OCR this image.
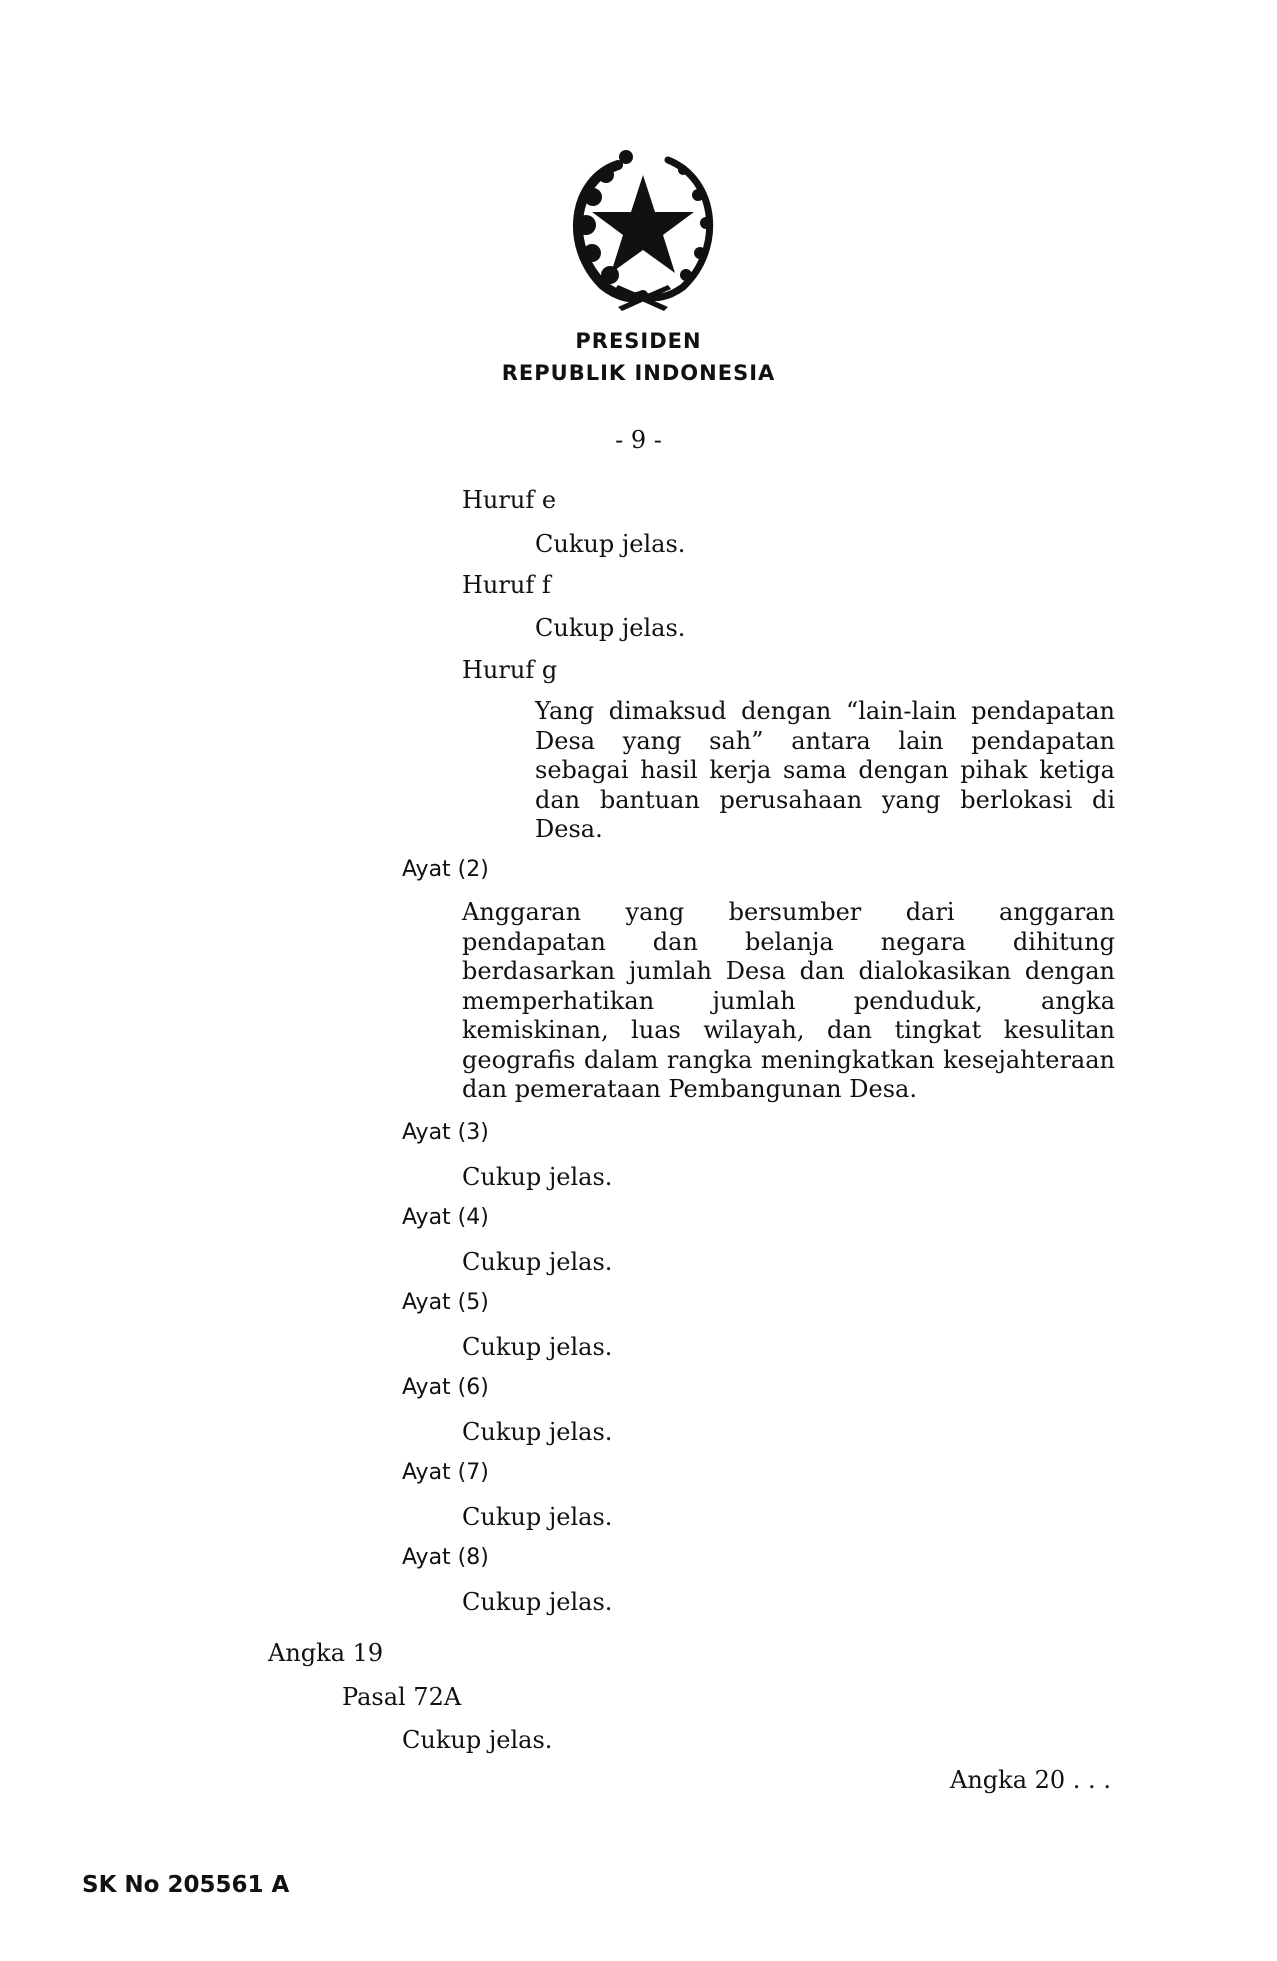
PRESIDEN
REPUBLIK INDONESIA
- 9 -
Huruf e
Cukup jelas.
Huruf f
Cukup jelas.
Huruf g
Yang dimaksud dengan “lain-lain pendapatan Desa yang sah” antara lain pendapatan sebagai hasil kerja sama dengan pihak ketiga dan bantuan perusahaan yang berlokasi di Desa.
Ayat (2)
Anggaran yang bersumber dari anggaran pendapatan dan belanja negara dihitung berdasarkan jumlah Desa dan dialokasikan dengan memperhatikan jumlah penduduk, angka kemiskinan, luas wilayah, dan tingkat kesulitan geografis dalam rangka meningkatkan kesejahteraan dan pemerataan Pembangunan Desa.
Ayat (3)
Cukup jelas.
Ayat (4)
Cukup jelas.
Ayat (5)
Cukup jelas.
Ayat (6)
Cukup jelas.
Ayat (7)
Cukup jelas.
Ayat (8)
Cukup jelas.
Angka 19
Pasal 72A
Cukup jelas.
Angka 20 . . .
SK No 205561 A
